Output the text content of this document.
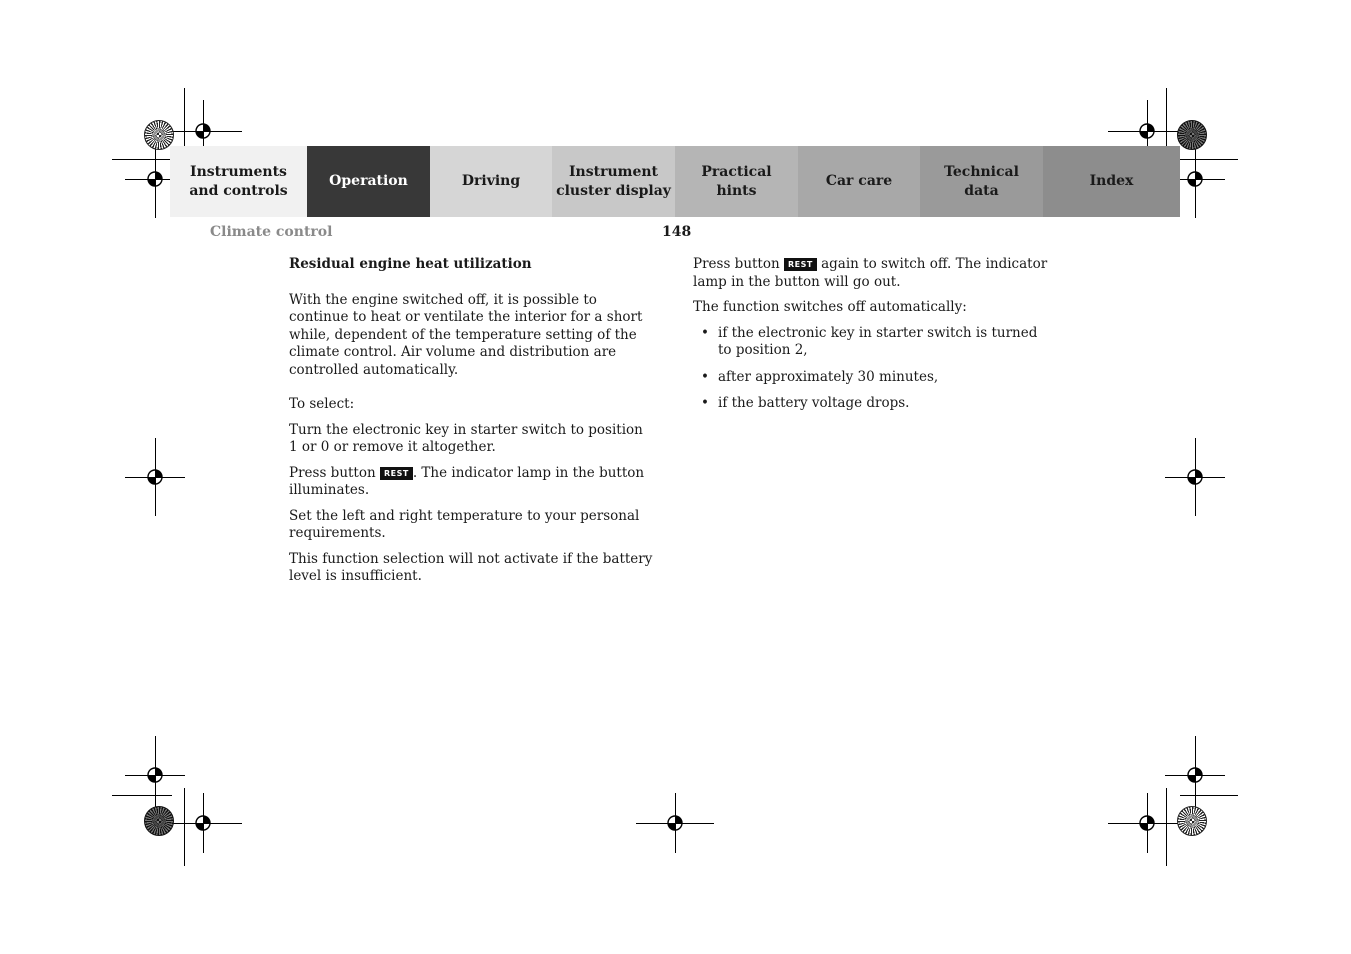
Instruments
and controls
Operation	Driving
Instrument
cluster display
Practical hints
Car care
Technical
data
Index
Climate control	148
Residual engine heat utilization

With the engine switched off, it is possible to continue to heat or ventilate the interior for a short while, dependent of the temperature setting of the climate control. Air volume and distribution are controlled automatically.

To select:

Turn the electronic key in starter switch to position 1 or 0 or remove it altogether.

Press button REST . The indicator lamp in the button illuminates.

Set the left and right temperature to your personal requirements.

This function selection will not activate if the battery level is insufficient.

Press button REST again to switch off. The indicator lamp in the button will go out.

The function switches off automatically:

• if the electronic key in starter switch is turned to position 2,
• after approximately 30 minutes,
• if the battery voltage drops.
